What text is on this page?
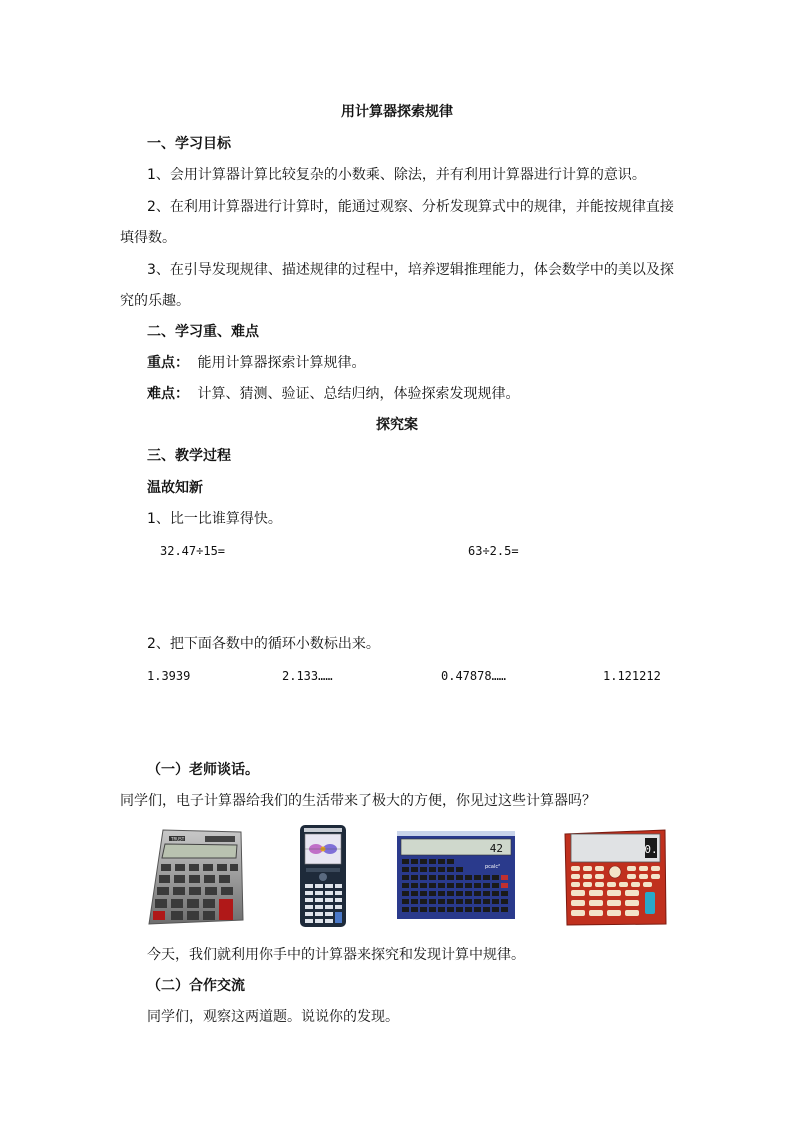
用计算器探索规律
一、学习目标
1、会用计算器计算比较复杂的小数乘、除法，并有利用计算器进行计算的意识。
2、在利用计算器进行计算时，能通过观察、分析发现算式中的规律，并能按规律直接
填得数。
3、在引导发现规律、描述规律的过程中，培养逻辑推理能力，体会数学中的美以及探
究的乐趣。
二、学习重、难点
重点： 能用计算器探索计算规律。
难点： 计算、猜测、验证、总结归纳，体验探索发现规律。
探究案
三、教学过程
温故知新
1、比一比谁算得快。
32.47÷15=	63÷2.5=
2、把下面各数中的循环小数标出来。
1.3939	2.133……	0.47878……	1.121212
（一）老师谈话。
同学们，电子计算器给我们的生活带来了极大的方便，你见过这些计算器吗？
TRUST
42
pcalc²
0.
今天，我们就利用你手中的计算器来探究和发现计算中规律。
（二）合作交流
同学们，观察这两道题。说说你的发现。
